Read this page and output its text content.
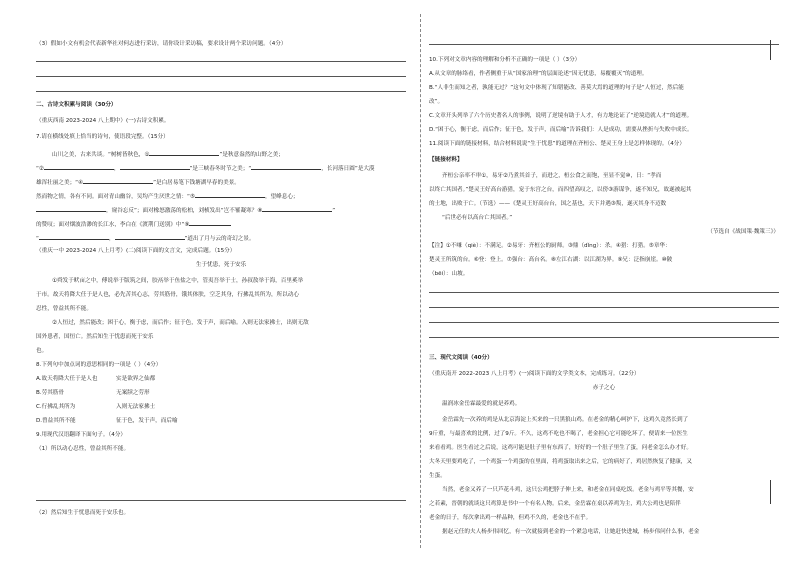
（3）假如小文有机会代表新华社对何志进行采访，请你设计采访稿，要求设计两个采访问题。（4分）
二、古诗文积累与阅读（30分）
（重庆西南 2023-2024 八上期中）(一)古诗文积累。
7.请在横线处填上恰当的诗句，使语段完整。（15分）
山川之美，古来共谈。“树树皆秋色，①	”是秋意盎然的山野之美；
“②	，	”是三峡春冬时节之美；“	，长河落日圆”是大漠
雄浑壮丽之美；“④	”是白居易笔下钱塘湖早春的美景。
然而物之情，各有不同。面对青山幽谷，吴均产生厌世之情：“⑤	，望峰息心；
，窥谷忘反”；面对橡怒激荡的松柏，刘桢发出“岂不罹凝寒？⑧	”
的赞叹；面对烟波浩渺的长江水，李白在《渡荆门送别》中“⑨
“	，	”道出了月与云的奇幻之景。
（重庆一中 2023-2024 八上月考）(二)阅读下面的文言文，完成后题。（15分）
生于忧患，死于安乐
①舜发于畎亩之中，傅说举于版筑之间，胶鬲举于鱼盐之中，管夷吾举于士，孙叔敖举于海，百里奚举
于市。故天将降大任于是人也，必先苦其心志，劳其筋骨，饿其体肤，空乏其身，行拂乱其所为，所以动心
忍性，曾益其所不能。
②人恒过，然后能改；困于心，衡于虑，而后作；征于色，发于声，而后喻。入则无法家拂士，出则无敌
国外患者，国恒亡。然后知生于忧患而死于安乐
也。
8.下列句中加点词的意思相同的一项是（ ）（4分）
A.故天将降大任于是人也	实是欲界之仙都
B.劳其筋骨	无案牍之劳形
C.行拂乱其所为	入则无法家拂士
D.曾益其所不能	征于色，发于声，而后喻
9.用现代汉语翻译下面句子。（4分）
（1）所以动心忍性，曾益其所不能。
（2）然后知生于忧患而死于安乐也。
10.下列对文章内容的理解和分析不正确的一项是（ ）（3分）
A.从文章的脉络看，作者侧重于从“国家治理”的层面论述“因无忧患，易覆覆灭”的道理。
B.“人非生而知之者，孰能无过？”这句文中体现了知错能改、善莫大焉的道理的句子是“人恒过，然后能
改”。
C.文章开头列举了六个历史著名人的事例，说明了逆境有助于人才，有力地论证了“逆境造就人才”的道理。
D.“困于心，衡于虑，而后作；征于色，发于声，而后喻”告诉我们：人是成功，需要从挫折与失败中成长。
11.阅读下面的链接材料，结合材料说说“生于忧患”的道理在齐桓公、楚灵王身上是怎样体现的。（4分）
【链接材料】
齐桓公亲率不审①，易牙②乃煮其首子，而进之，桓公食之而饱，至显不觉⑩，日：“孝而
以终亡其国者。”楚灵王好高台游猎，宠于东宫之台，而四望高叹之，以傍③游谋争，遂不知兄，故遂被起其
的土地，出败于亡。（节选）——《楚灵王好高台台，国之基也，天下并遇③叛，遂灭其身不迈数
“后世必有以高台亡其国者。”
（节选自《战国策·魏策三》）
【注】①不嗛（qiè）：不满足。②易牙：齐桓公的厨师。③鼎（dǐng）：杀。④猎：打猎。⑤章华：
楚灵王所筑的台。⑥登：登上。⑦强台：高台名。⑧左江右湖：以江湖为界。⑨兄：泛指崩崖。⑩陂
（bēi）：山坡。
三、现代文阅读（40分）
（重庆南开 2022-2023 八上月考）(一)阅读下面的文学类文本，完成练习。（22分）
赤子之心
温润冰金岳霖最爱的就是养鸡。
金岳霖先一次养的鸡是从北京海淀上买来的一只黑狼山鸡。在老金的精心呵护下，这鸡久竟然长到了
9斤重，与最喜欢的比例，过了9斤。不久，这鸡不吃也不喝了，老金担心它可能吃坏了，便请来一位医生
来看看鸡。医生看过之后说，这鸡可能是肚子里有东西了，好好的一个肚子里生了蛋，问老金怎么办才好。
大冬天里要鸡吃了，一个鸡蛋一个鸡蛋的在里面，将鸡蛋取出来之后，它的病好了，鸡居然恢复了健康，又
生蛋。
当然，老金又养了一只芦花斗鸡，这只公鸡把脖子伸上来，和老金在同桌吃饭。老金与鸡平等其餐，安
之若素，晋朝的就谈这只鸡算是书中一个有名人物。后来，金岳霖在桌以养鸡为主，鸡大公鸡也是陪伴
老金的日子，每次拿出鸡一样品种，但鸡不久的，老金也不在乎。
据赵元任的夫人杨步伟回忆，有一次就接到老金的一个紧急电话，让她赶快进城，杨步伟问什么事，老金
